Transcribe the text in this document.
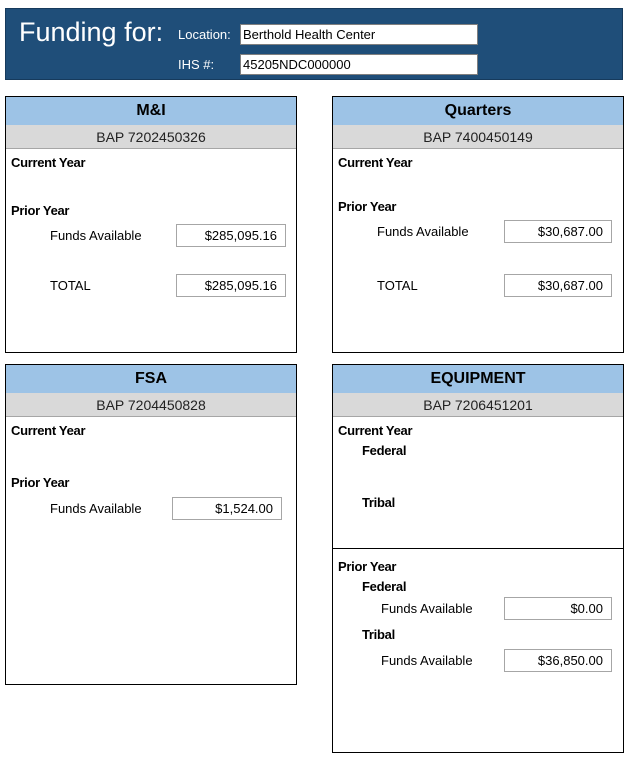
Funding for: Location: Berthold Health Center
IHS #: 45205NDC000000
M&I
BAP 7202450326
Current Year
Prior Year
Funds Available	$285,095.16
TOTAL	$285,095.16
Quarters
BAP 7400450149
Current Year
Prior Year
Funds Available	$30,687.00
TOTAL	$30,687.00
FSA
BAP 7204450828
Current Year
Prior Year
Funds Available	$1,524.00
EQUIPMENT
BAP 7206451201
Current Year
Federal
Tribal
Prior Year
Federal
Funds Available	$0.00
Tribal
Funds Available	$36,850.00
